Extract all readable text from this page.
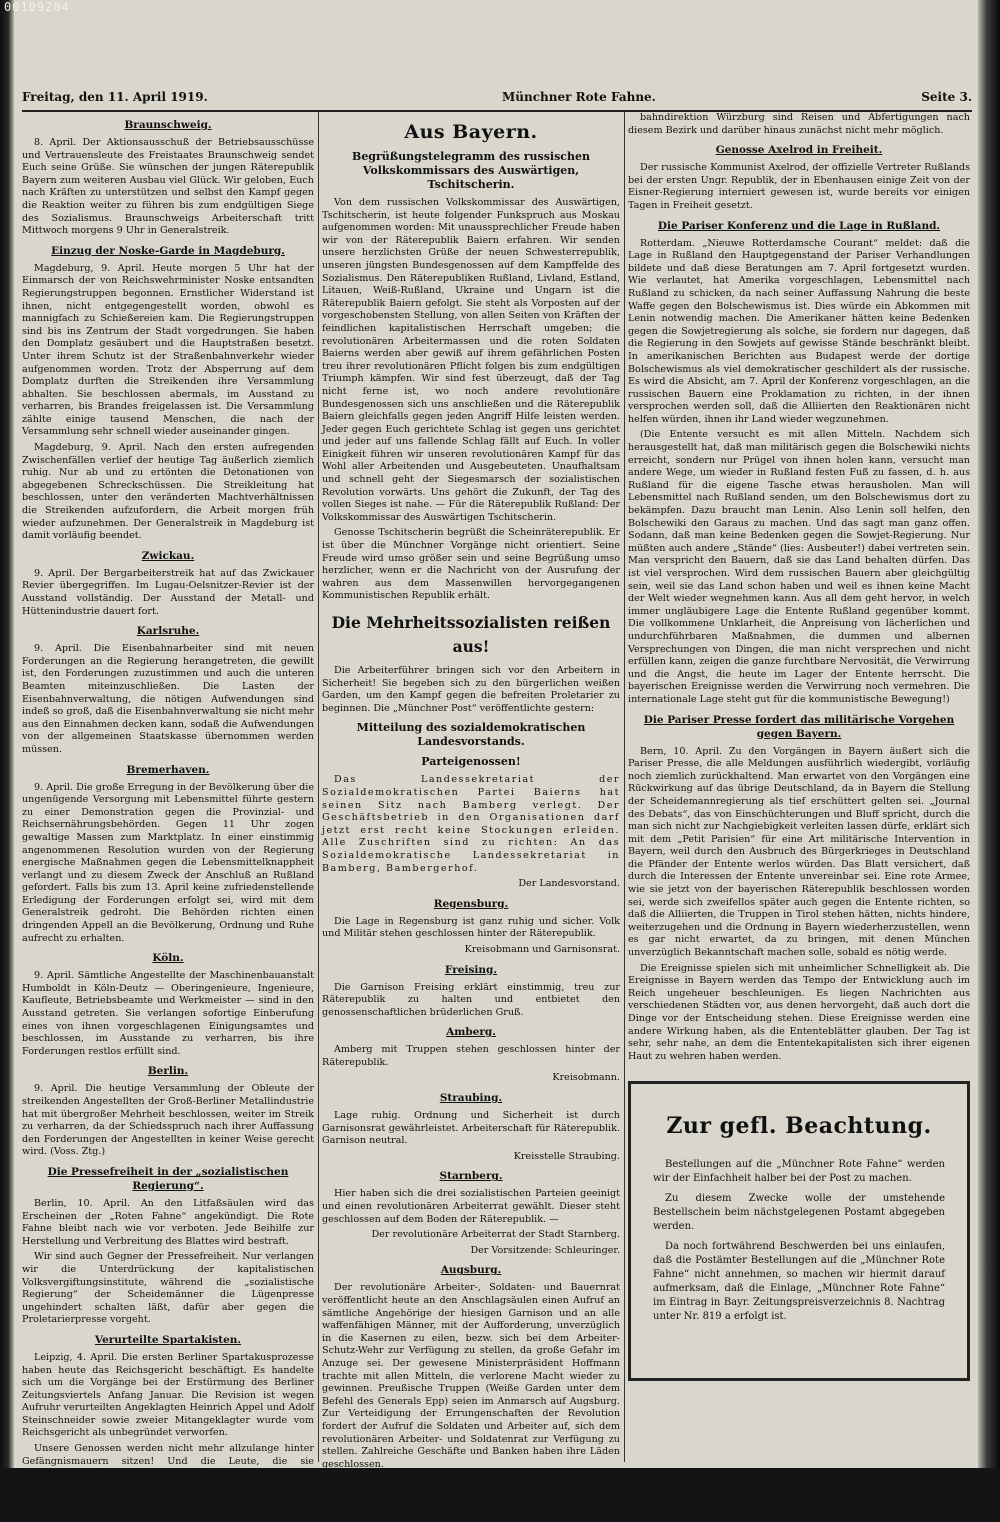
00109204
Freitag, den 11. April 1919.	Münchner Rote Fahne.	Seite 3.
Braunschweig.

8. April. Der Aktionsausschuß der Betriebsausschüsse und Vertrauensleute des Freistaates Braunschweig sendet Euch seine Grüße. Sie wünschen der jungen Räterepublik Bayern zum weiteren Ausbau viel Glück. Wir geloben, Euch nach Kräften zu unterstützen und selbst den Kampf gegen die Reaktion weiter zu führen bis zum endgültigen Siege des Sozialismus. Braunschweigs Arbeiterschaft tritt Mittwoch morgens 9 Uhr in Generalstreik.

Einzug der Noske-Garde in Magdeburg.

Magdeburg, 9. April. Heute morgen 5 Uhr hat der Einmarsch der von Reichswehrminister Noske entsandten Regierungstruppen begonnen. Ernstlicher Widerstand ist ihnen, nicht entgegengestellt worden, obwohl es mannigfach zu Schießereien kam. Die Regierungstruppen sind bis ins Zentrum der Stadt vorgedrungen. Sie haben den Domplatz gesäubert und die Hauptstraßen besetzt. Unter ihrem Schutz ist der Straßenbahnverkehr wieder aufgenommen worden. Trotz der Absperrung auf dem Domplatz durften die Streikenden ihre Versammlung abhalten. Sie beschlossen abermals, im Ausstand zu verharren, bis Brandes freigelassen ist. Die Versammlung zählte einige tausend Menschen, die nach der Versammlung sehr schnell wieder auseinander gingen.

Magdeburg, 9. April. Nach den ersten aufregenden Zwischenfällen verlief der heutige Tag äußerlich ziemlich ruhig. Nur ab und zu ertönten die Detonationen von abgegebenen Schreckschüssen. Die Streikleitung hat beschlossen, unter den veränderten Machtverhältnissen die Streikenden aufzufordern, die Arbeit morgen früh wieder aufzunehmen. Der Generalstreik in Magdeburg ist damit vorläufig beendet.

Zwickau.

9. April. Der Bergarbeiterstreik hat auf das Zwickauer Revier übergegriffen. Im Lugau-Oelsnitzer-Revier ist der Ausstand vollständig. Der Ausstand der Metall- und Hüttenindustrie dauert fort.

Karlsruhe.

9. April. Die Eisenbahnarbeiter sind mit neuen Forderungen an die Regierung herangetreten, die gewillt ist, den Forderungen zuzustimmen und auch die unteren Beamten miteinzuschließen. Die Lasten der Eisenbahnverwaltung, die nötigen Aufwendungen sind indeß so groß, daß die Eisenbahnverwaltung sie nicht mehr aus den Einnahmen decken kann, sodaß die Aufwendungen von der allgemeinen Staatskasse übernommen werden müssen.

Bremerhaven.

9. April. Die große Erregung in der Bevölkerung über die ungenügende Versorgung mit Lebensmittel führte gestern zu einer Demonstration gegen die Provinzial- und Reichsernährungsbehörden. Gegen 11 Uhr zogen gewaltige Massen zum Marktplatz. In einer einstimmig angenommenen Resolution wurden von der Regierung energische Maßnahmen gegen die Lebensmittelknappheit verlangt und zu diesem Zweck der Anschluß an Rußland gefordert. Falls bis zum 13. April keine zufriedenstellende Erledigung der Forderungen erfolgt sei, wird mit dem Generalstreik gedroht. Die Behörden richten einen dringenden Appell an die Bevölkerung, Ordnung und Ruhe aufrecht zu erhalten.

Köln.

9. April. Sämtliche Angestellte der Maschinenbauanstalt Humboldt in Köln-Deutz — Oberingenieure, Ingenieure, Kaufleute, Betriebsbeamte und Werkmeister — sind in den Ausstand getreten. Sie verlangen sofortige Einberufung eines von ihnen vorgeschlagenen Einigungsamtes und beschlossen, im Ausstande zu verharren, bis ihre Forderungen restlos erfüllt sind.

Berlin.

9. April. Die heutige Versammlung der Obleute der streikenden Angestellten der Groß-Berliner Metallindustrie hat mit übergroßer Mehrheit beschlossen, weiter im Streik zu verharren, da der Schiedsspruch nach ihrer Auffassung den Forderungen der Angestellten in keiner Weise gerecht wird. (Voss. Ztg.)

Die Pressefreiheit in der „sozialistischen Regierung“.

Berlin, 10. April. An den Litfaßsäulen wird das Erscheinen der „Roten Fahne“ angekündigt. Die Rote Fahne bleibt nach wie vor verboten. Jede Beihilfe zur Herstellung und Verbreitung des Blattes wird bestraft.

Wir sind auch Gegner der Pressefreiheit. Nur verlangen wir die Unterdrückung der kapitalistischen Volksvergiftungsinstitute, während die „sozialistische Regierung“ der Scheidemänner die Lügenpresse ungehindert schalten läßt, dafür aber gegen die Proletarierpresse vorgeht.

Verurteilte Spartakisten.

Leipzig, 4. April. Die ersten Berliner Spartakusprozesse haben heute das Reichsgericht beschäftigt. Es handelte sich um die Vorgänge bei der Erstürmung des Berliner Zeitungsviertels Anfang Januar. Die Revision ist wegen Aufruhr verurteilten Angeklagten Heinrich Appel und Adolf Steinschneider sowie zweier Mitangeklagter wurde vom Reichsgericht als unbegründet verworfen.

Unsere Genossen werden nicht mehr allzulange hinter Gefängnismauern sitzen! Und die Leute, die sie hineingebracht haben, werden am längsten Klassenjustiz getrieben haben.

Aus Bayern.
Begrüßungstelegramm des russischen Volkskommissars des Auswärtigen, Tschitscherin.

Von dem russischen Volkskommissar des Auswärtigen, Tschitscherin, ist heute folgender Funkspruch aus Moskau aufgenommen worden: Mit unaussprechlicher Freude haben wir von der Räterepublik Baiern erfahren. Wir senden unsere herzlichsten Grüße der neuen Schwesterrepublik, unseren jüngsten Bundesgenossen auf dem Kampffelde des Sozialismus. Den Räterepubliken Rußland, Livland, Estland, Litauen, Weiß-Rußland, Ukraine und Ungarn ist die Räterepublik Baiern gefolgt. Sie steht als Vorposten auf der vorgeschobensten Stellung, von allen Seiten von Kräften der feindlichen kapitalistischen Herrschaft umgeben; die revolutionären Arbeitermassen und die roten Soldaten Baierns werden aber gewiß auf ihrem gefährlichen Posten treu ihrer revolutionären Pflicht folgen bis zum endgültigen Triumph kämpfen. Wir sind fest überzeugt, daß der Tag nicht ferne ist, wo noch andere revolutionäre Bundesgenossen sich uns anschließen und die Räterepublik Baiern gleichfalls gegen jeden Angriff Hilfe leisten werden. Jeder gegen Euch gerichtete Schlag ist gegen uns gerichtet und jeder auf uns fallende Schlag fällt auf Euch. In voller Einigkeit führen wir unseren revolutionären Kampf für das Wohl aller Arbeitenden und Ausgebeuteten. Unaufhaltsam und schnell geht der Siegesmarsch der sozialistischen Revolution vorwärts. Uns gehört die Zukunft, der Tag des vollen Sieges ist nahe. — Für die Räterepublik Rußland: Der Volkskommissar des Auswärtigen Tschitscherin.

Genosse Tschitscherin begrüßt die Scheinräterepublik. Er ist über die Münchner Vorgänge nicht orientiert. Seine Freude wird umso größer sein und seine Begrüßung umso herzlicher, wenn er die Nachricht von der Ausrufung der wahren aus dem Massenwillen hervorgegangenen Kommunistischen Republik erhält.

Die Mehrheitssozialisten reißen aus!

Die Arbeiterführer bringen sich vor den Arbeitern in Sicherheit! Sie begeben sich zu den bürgerlichen weißen Garden, um den Kampf gegen die befreiten Proletarier zu beginnen. Die „Münchner Post“ veröffentlichte gestern:

Mitteilung des sozialdemokratischen Landesvorstands.
Parteigenossen!

Das Landessekretariat der Sozialdemokratischen Partei Baierns hat seinen Sitz nach Bamberg verlegt. Der Geschäftsbetrieb in den Organisationen darf jetzt erst recht keine Stockungen erleiden. Alle Zuschriften sind zu richten: An das Sozialdemokratische Landessekretariat in Bamberg, Bambergerhof.

Der Landesvorstand.

Regensburg.

Die Lage in Regensburg ist ganz ruhig und sicher. Volk und Militär stehen geschlossen hinter der Räterepublik.

Kreisobmann und Garnisonsrat.

Freising.

Die Garnison Freising erklärt einstimmig, treu zur Räterepublik zu halten und entbietet den genossenschaftlichen brüderlichen Gruß.

Amberg.

Amberg mit Truppen stehen geschlossen hinter der Räterepublik.

Kreisobmann.

Straubing.

Lage ruhig. Ordnung und Sicherheit ist durch Garnisonsrat gewährleistet. Arbeiterschaft für Räterepublik. Garnison neutral.

Kreisstelle Straubing.

Starnberg.

Hier haben sich die drei sozialistischen Parteien geeinigt und einen revolutionären Arbeiterrat gewählt. Dieser steht geschlossen auf dem Boden der Räterepublik. —

Der revolutionäre Arbeiterrat der Stadt Starnberg.

Der Vorsitzende: Schleuringer.

Augsburg.

Der revolutionäre Arbeiter-, Soldaten- und Bauernrat veröffentlicht heute an den Anschlagsäulen einen Aufruf an sämtliche Angehörige der hiesigen Garnison und an alle waffenfähigen Männer, mit der Aufforderung, unverzüglich in die Kasernen zu eilen, bezw. sich bei dem Arbeiter-Schutz-Wehr zur Verfügung zu stellen, da große Gefahr im Anzuge sei. Der gewesene Ministerpräsident Hoffmann trachte mit allen Mitteln, die verlorene Macht wieder zu gewinnen. Preußische Truppen (Weiße Garden unter dem Befehl des Generals Epp) seien im Anmarsch auf Augsburg. Zur Verteidigung der Errungenschaften der Revolution fordert der Aufruf die Soldaten und Arbeiter auf, sich dem revolutionären Arbeiter- und Soldatenrat zur Verfügung zu stellen. Zahlreiche Geschäfte und Banken haben ihre Läden geschlossen.

Eisenbahnverkehr nach Würzburg.

CH. Die Eisenbahndirektion München teilt mit: Infolge Einstellung des Zugsverkehrs im Bezirk der Eisen-

bahndirektion Würzburg sind Reisen und Abfertigungen nach diesem Bezirk und darüber hinaus zunächst nicht mehr möglich.

Genosse Axelrod in Freiheit.

Der russische Kommunist Axelrod, der offizielle Vertreter Rußlands bei der ersten Ungr. Republik, der in Ebenhausen einige Zeit von der Eisner-Regierung interniert gewesen ist, wurde bereits vor einigen Tagen in Freiheit gesetzt.

Die Pariser Konferenz und die Lage in Rußland.

Rotterdam. „Nieuwe Rotterdamsche Courant“ meldet: daß die Lage in Rußland den Hauptgegenstand der Pariser Verhandlungen bildete und daß diese Beratungen am 7. April fortgesetzt wurden. Wie verlautet, hat Amerika vorgeschlagen, Lebensmittel nach Rußland zu schicken, da nach seiner Auffassung Nahrung die beste Waffe gegen den Bolschewismus ist. Dies würde ein Abkommen mit Lenin notwendig machen. Die Amerikaner hätten keine Bedenken gegen die Sowjetregierung als solche, sie fordern nur dagegen, daß die Regierung in den Sowjets auf gewisse Stände beschränkt bleibt. In amerikanischen Berichten aus Budapest werde der dortige Bolschewismus als viel demokratischer geschildert als der russische. Es wird die Absicht, am 7. April der Konferenz vorgeschlagen, an die russischen Bauern eine Proklamation zu richten, in der ihnen versprochen werden soll, daß die Alliierten den Reaktionären nicht helfen würden, ihnen ihr Land wieder wegzunehmen.

(Die Entente versucht es mit allen Mitteln. Nachdem sich herausgestellt hat, daß man militärisch gegen die Bolschewiki nichts erreicht, sondern nur Prügel von ihnen holen kann, versucht man andere Wege, um wieder in Rußland festen Fuß zu fassen, d. h. aus Rußland für die eigene Tasche etwas herausholen. Man will Lebensmittel nach Rußland senden, um den Bolschewismus dort zu bekämpfen. Dazu braucht man Lenin. Also Lenin soll helfen, den Bolschewiki den Garaus zu machen. Und das sagt man ganz offen. Sodann, daß man keine Bedenken gegen die Sowjet-Regierung. Nur müßten auch andere „Stände“ (lies: Ausbeuter!) dabei vertreten sein. Man verspricht den Bauern, daß sie das Land behalten dürfen. Das ist viel versprochen. Wird dem russischen Bauern aber gleichgültig sein, weil sie das Land schon haben und weil es ihnen keine Macht der Welt wieder wegnehmen kann. Aus all dem geht hervor, in welch immer ungläubigere Lage die Entente Rußland gegenüber kommt. Die vollkommene Unklarheit, die Anpreisung von lächerlichen und undurchführbaren Maßnahmen, die dummen und albernen Versprechungen von Dingen, die man nicht versprechen und nicht erfüllen kann, zeigen die ganze furchtbare Nervosität, die Verwirrung und die Angst, die heute im Lager der Entente herrscht. Die bayerischen Ereignisse werden die Verwirrung noch vermehren. Die internationale Lage steht gut für die kommunistische Bewegung!)

Die Pariser Presse fordert das militärische Vorgehen gegen Bayern.

Bern, 10. April. Zu den Vorgängen in Bayern äußert sich die Pariser Presse, die alle Meldungen ausführlich wiedergibt, vorläufig noch ziemlich zurückhaltend. Man erwartet von den Vorgängen eine Rückwirkung auf das übrige Deutschland, da in Bayern die Stellung der Scheidemannregierung als tief erschüttert gelten sei. „Journal des Debats“, das von Einschüchterungen und Bluff spricht, durch die man sich nicht zur Nachgiebigkeit verleiten lassen dürfe, erklärt sich mit dem „Petit Parisien“ für eine Art militärische Intervention in Bayern, weil durch den Ausbruch des Bürgerkrieges in Deutschland die Pfänder der Entente werlos würden. Das Blatt versichert, daß durch die Interessen der Entente unvereinbar sei. Eine rote Armee, wie sie jetzt von der bayerischen Räterepublik beschlossen worden sei, werde sich zweifellos später auch gegen die Entente richten, so daß die Alliierten, die Truppen in Tirol stehen hätten, nichts hindere, weiterzugehen und die Ordnung in Bayern wiederherzustellen, wenn es gar nicht erwartet, da zu bringen, mit denen München unverzüglich Bekanntschaft machen solle, sobald es nötig werde.

Die Ereignisse spielen sich mit unheimlicher Schnelligkeit ab. Die Ereignisse in Bayern werden das Tempo der Entwicklung auch im Reich ungeheuer beschleunigen. Es liegen Nachrichten aus verschiedenen Städten vor, aus denen hervorgeht, daß auch dort die Dinge vor der Entscheidung stehen. Diese Ereignisse werden eine andere Wirkung haben, als die Ententeblätter glauben. Der Tag ist sehr, sehr nahe, an dem die Ententekapitalisten sich ihrer eigenen Haut zu wehren haben werden.

Zur gefl. Beachtung.

Bestellungen auf die „Münchner Rote Fahne“ werden wir der Einfachheit halber bei der Post zu machen.

Zu diesem Zwecke wolle der umstehende Bestellschein beim nächstgelegenen Postamt abgegeben werden.

Da noch fortwährend Beschwerden bei uns einlaufen, daß die Postämter Bestellungen auf die „Münchner Rote Fahne“ nicht annehmen, so machen wir hiermit darauf aufmerksam, daß die Einlage, „Münchner Rote Fahne“ im Eintrag in Bayr. Zeitungspreisverzeichnis 8. Nachtrag unter Nr. 819 a erfolgt ist.
